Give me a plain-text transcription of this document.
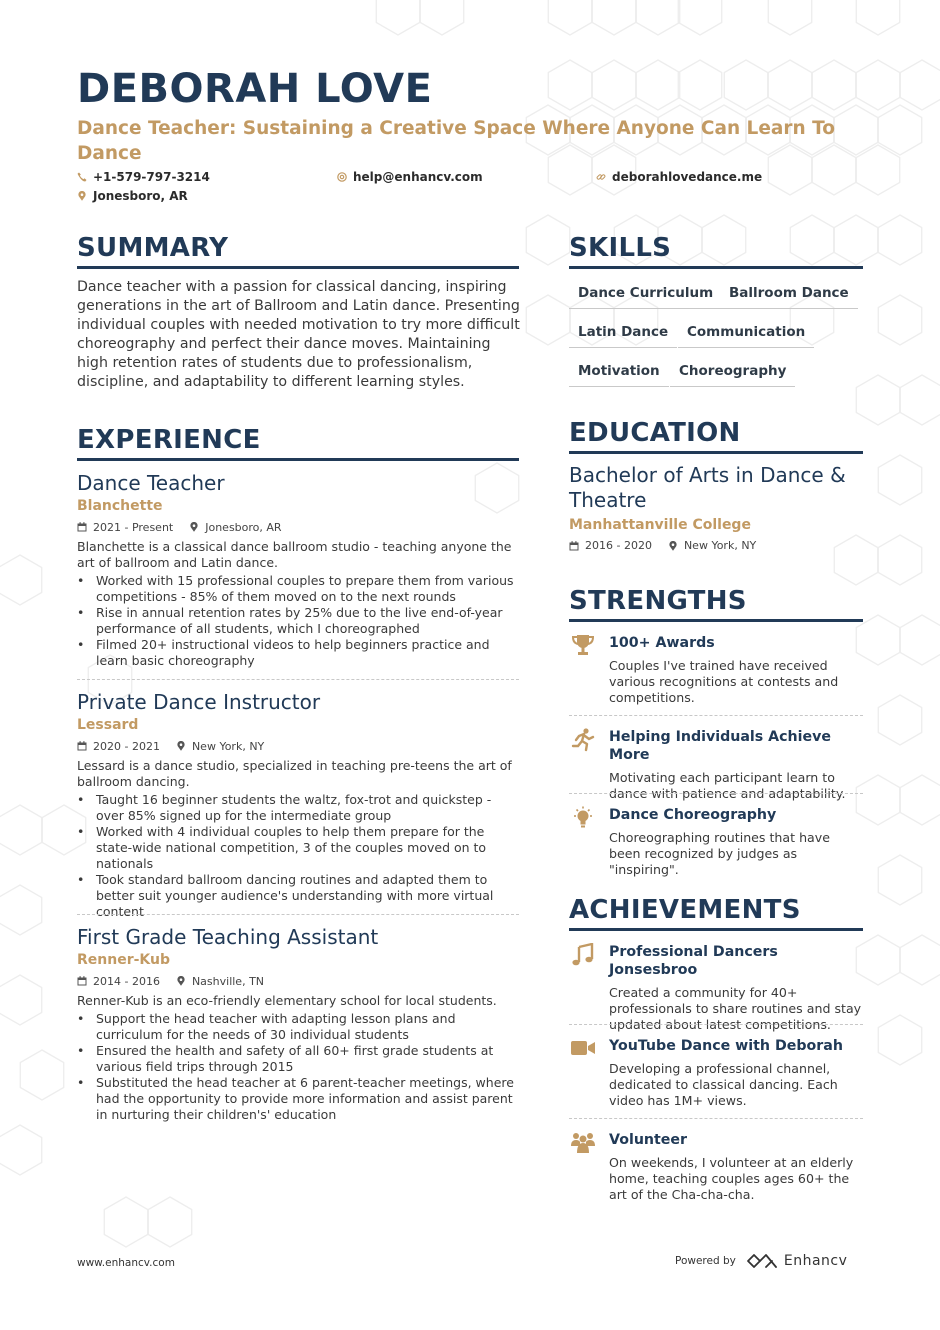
DEBORAH LOVE
Dance Teacher: Sustaining a Creative Space Where Anyone Can Learn To Dance
+1-579-797-3214	help@enhancv.com	deborahlovedance.me
Jonesboro, AR
SUMMARY
Dance teacher with a passion for classical dancing, inspiring generations in the art of Ballroom and Latin dance. Presenting individual couples with needed motivation to try more difficult choreography and perfect their dance moves. Maintaining high retention rates of students due to professionalism, discipline, and adaptability to different learning styles.
EXPERIENCE
Dance Teacher
Blanchette
2021 - Present	Jonesboro, AR
Blanchette is a classical dance ballroom studio - teaching anyone the art of ballroom and Latin dance.
• Worked with 15 professional couples to prepare them from various competitions - 85% of them moved on to the next rounds
• Rise in annual retention rates by 25% due to the live end-of-year performance of all students, which I choreographed
• Filmed 20+ instructional videos to help beginners practice and learn basic choreography
Private Dance Instructor
Lessard
2020 - 2021	New York, NY
Lessard is a dance studio, specialized in teaching pre-teens the art of ballroom dancing.
• Taught 16 beginner students the waltz, fox-trot and quickstep - over 85% signed up for the intermediate group
• Worked with 4 individual couples to help them prepare for the state-wide national competition, 3 of the couples moved on to nationals
• Took standard ballroom dancing routines and adapted them to better suit younger audience's understanding with more virtual content
First Grade Teaching Assistant
Renner-Kub
2014 - 2016	Nashville, TN
Renner-Kub is an eco-friendly elementary school for local students.
• Support the head teacher with adapting lesson plans and curriculum for the needs of 30 individual students
• Ensured the health and safety of all 60+ first grade students at various field trips through 2015
• Substituted the head teacher at 6 parent-teacher meetings, where had the opportunity to provide more information and assist parent in nurturing their children's' education
SKILLS
Dance Curriculum	Ballroom Dance
Latin Dance	Communication
Motivation	Choreography
EDUCATION
Bachelor of Arts in Dance & Theatre
Manhattanville College
2016 - 2020	New York, NY
STRENGTHS
100+ Awards
Couples I've trained have received various recognitions at contests and competitions.
Helping Individuals Achieve More
Motivating each participant learn to dance with patience and adaptability.
Dance Choreography
Choreographing routines that have been recognized by judges as "inspiring".
ACHIEVEMENTS
Professional Dancers Jonsesbroo
Created a community for 40+ professionals to share routines and stay updated about latest competitions.
YouTube Dance with Deborah
Developing a professional channel, dedicated to classical dancing. Each video has 1M+ views.
Volunteer
On weekends, I volunteer at an elderly home, teaching couples ages 60+ the art of the Cha-cha-cha.
www.enhancv.com	Powered by	Enhancv
